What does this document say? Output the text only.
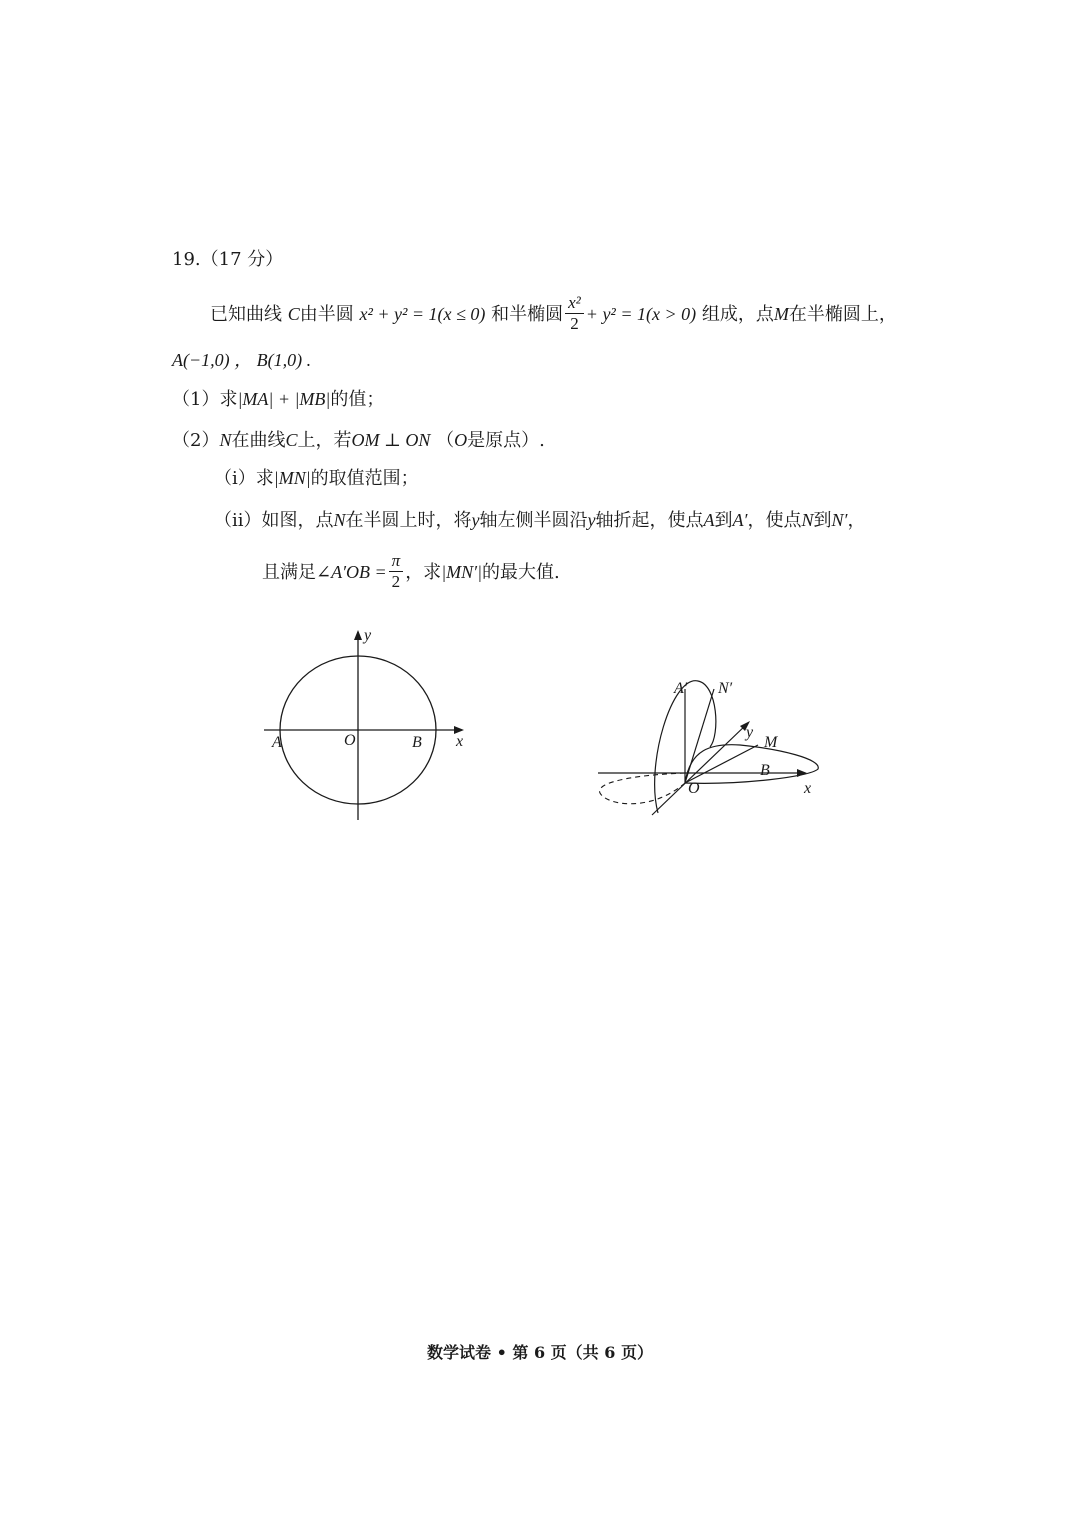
19.（17 分）
已知曲线 C由半圆 x² + y² = 1(x ≤ 0) 和半椭圆 $\frac{\text{x²}}{2} + y^2 = 1(x > 0)$ 组成，点M在半椭圆上，
A(−1,0) ， B(1,0) .
（1）求|MA| + |MB|的值；
（2）N在曲线C上，若OM ⊥ ON （O是原点）.
（i）求|MN|的取值范围；
（ii）如图，点N在半圆上时，将y轴左侧半圆沿y轴折起，使点A到A′，使点N到N′，
且满足∠A′OB = $\frac{\pi}{2}$ ，求|MN′|的最大值.
y
x
A	O	B
A′ N′
y
M
B
O	x
数学试卷 • 第 6 页（共 6 页）
